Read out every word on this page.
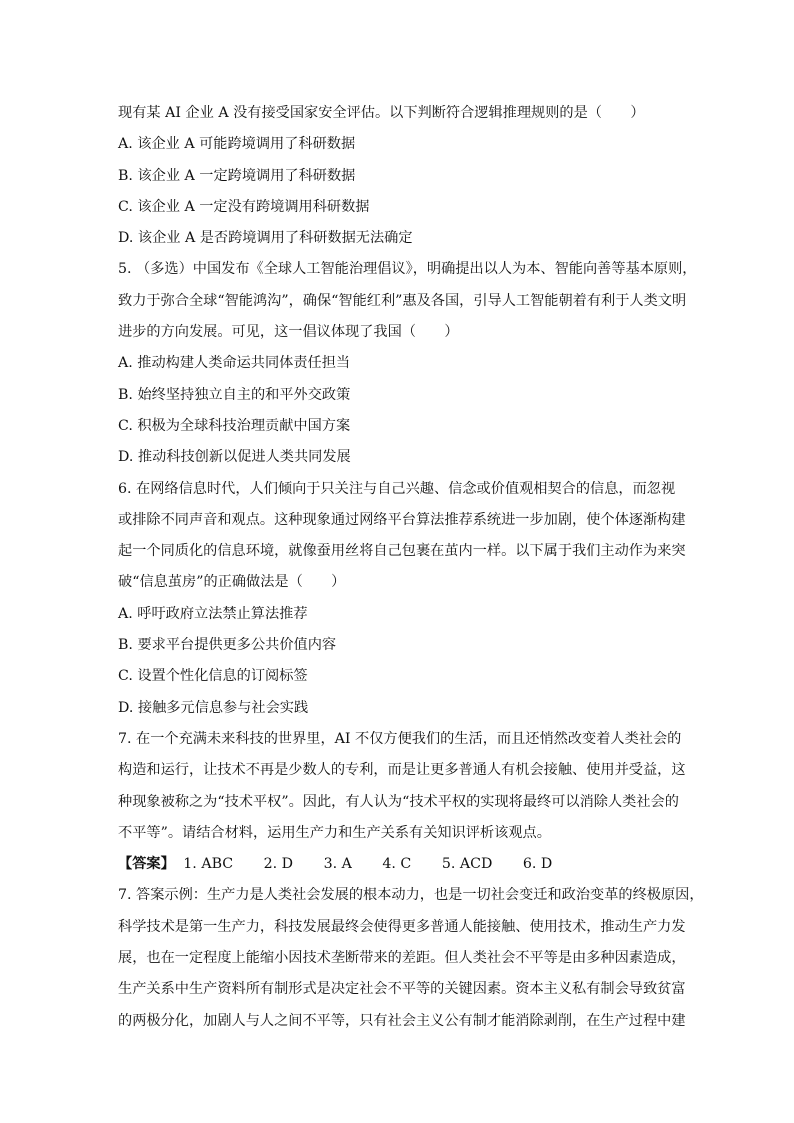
现有某 AI 企业 A 没有接受国家安全评估。以下判断符合逻辑推理规则的是（　　）
A. 该企业 A 可能跨境调用了科研数据
B. 该企业 A 一定跨境调用了科研数据
C. 该企业 A 一定没有跨境调用科研数据
D. 该企业 A 是否跨境调用了科研数据无法确定
5. （多选）中国发布《全球人工智能治理倡议》，明确提出以人为本、智能向善等基本原则，
致力于弥合全球“智能鸿沟”，确保“智能红利”惠及各国，引导人工智能朝着有利于人类文明
进步的方向发展。可见，这一倡议体现了我国（　　）
A. 推动构建人类命运共同体责任担当
B. 始终坚持独立自主的和平外交政策
C. 积极为全球科技治理贡献中国方案
D. 推动科技创新以促进人类共同发展
6. 在网络信息时代，人们倾向于只关注与自己兴趣、信念或价值观相契合的信息，而忽视
或排除不同声音和观点。这种现象通过网络平台算法推荐系统进一步加剧，使个体逐渐构建
起一个同质化的信息环境，就像蚕用丝将自己包裹在茧内一样。以下属于我们主动作为来突
破“信息茧房”的正确做法是（　　）
A. 呼吁政府立法禁止算法推荐
B. 要求平台提供更多公共价值内容
C. 设置个性化信息的订阅标签
D. 接触多元信息参与社会实践
7. 在一个充满未来科技的世界里，AI 不仅方便我们的生活，而且还悄然改变着人类社会的
构造和运行，让技术不再是少数人的专利，而是让更多普通人有机会接触、使用并受益，这
种现象被称之为“技术平权”。因此，有人认为“技术平权的实现将最终可以消除人类社会的
不平等”。请结合材料，运用生产力和生产关系有关知识评析该观点。
【答案】 1. ABC 2. D 3. A 4. C 5. ACD 6. D
7. 答案示例：生产力是人类社会发展的根本动力，也是一切社会变迁和政治变革的终极原因，
科学技术是第一生产力，科技发展最终会使得更多普通人能接触、使用技术，推动生产力发
展，也在一定程度上能缩小因技术垄断带来的差距。但人类社会不平等是由多种因素造成，
生产关系中生产资料所有制形式是决定社会不平等的关键因素。资本主义私有制会导致贫富
的两极分化，加剧人与人之间不平等，只有社会主义公有制才能消除剥削，在生产过程中建
